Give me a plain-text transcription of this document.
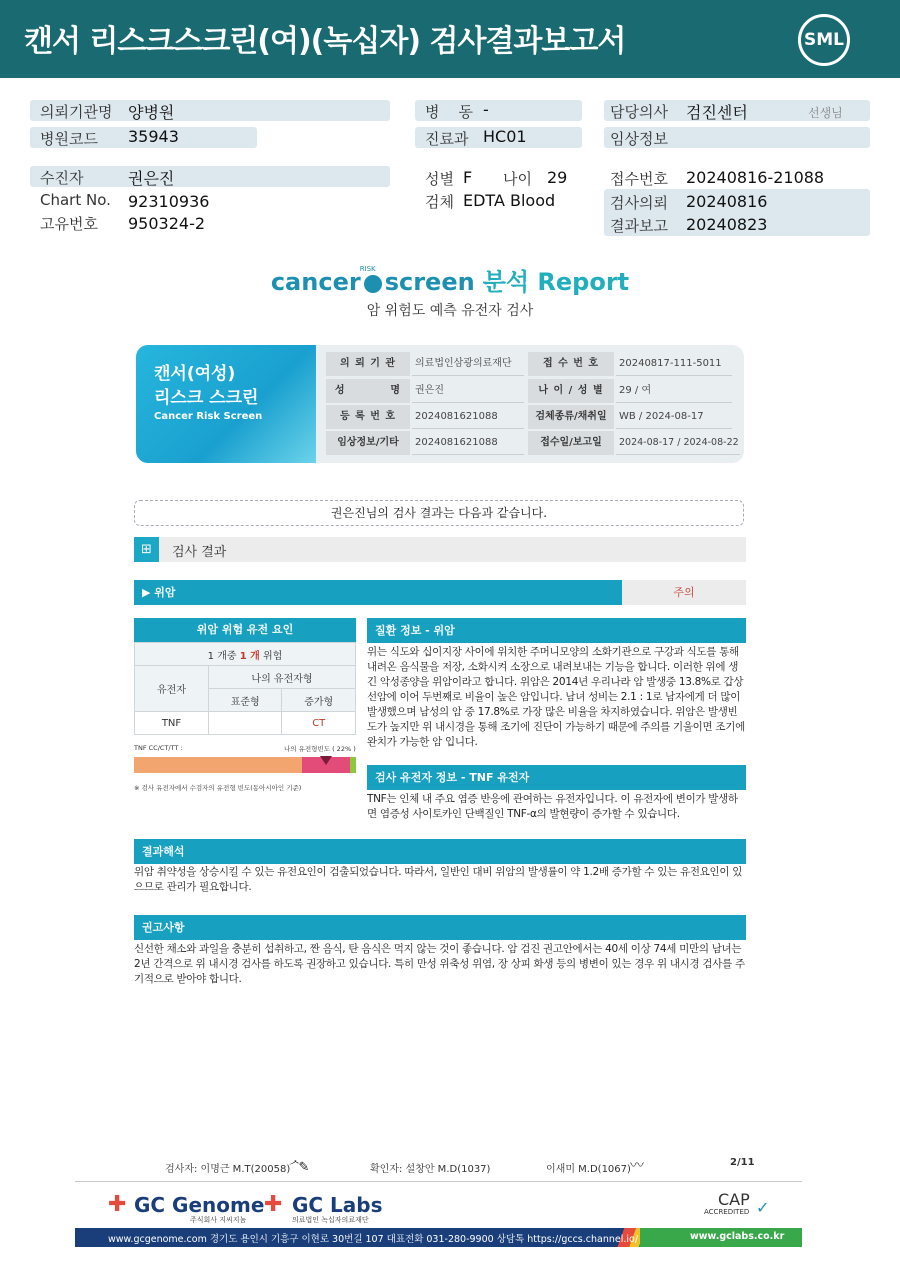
캔서 리스크스크린(여)(녹십자) 검사결과보고서	SML
의뢰기관명 양병원
병원코드 35943
수진자	권은진
Chart No. 92310936
고유번호 950324-2
병    동 -
진료과 HC01
성별 F 나이 29
검체 EDTA Blood
담당의사 검진센터	선생님
임상정보
접수번호 20240816-21088
검사의뢰 20240816
결과보고 20240823
cancer RISK screen 분석 Report
암 위험도 예측 유전자 검사
캔서(여성)
리스크 스크린
Cancer Risk Screen
의 뢰 기 관	의료법인삼광의료재단	접 수 번 호	20240817-111-5011
성          명	권은진	나 이 / 성 별	29 / 여
등 록 번 호	2024081621088	검체종류/채취일	WB / 2024-08-17
임상정보/기타	2024081621088	접수일/보고일	2024-08-17 / 2024-08-22
권은진님의 검사 결과는 다음과 같습니다.
⊞	검사 결과
▶ 위암	주의
위암 위험 유전 요인
1 개중 1 개 위험		
유전자	나의 유전자형	
	표준형	증가형
TNF		CT
TNF CC/CT/TT :	나의 유전형빈도 ( 22% )
※ 검사 유전자에서 수검자의 유전형 빈도(동아시아인 기준)
질환 정보 - 위암
위는 식도와 십이지장 사이에 위치한 주머니모양의 소화기관으로 구강과 식도를 통해 내려온 음식물을 저장, 소화시켜 소장으로 내려보내는 기능을 합니다. 이러한 위에 생긴 악성종양을 위암이라고 합니다. 위암은 2014년 우리나라 암 발생중 13.8%로 갑상선암에 이어 두번째로 비율이 높은 암입니다. 남녀 성비는 2.1 : 1로 남자에게 더 많이 발생했으며 남성의 암 중 17.8%로 가장 많은 비율을 차지하였습니다. 위암은 발생빈도가 높지만 위 내시경을 통해 조기에 진단이 가능하기 때문에 주의를 기울이면 조기에 완치가 가능한 암 입니다.
검사 유전자 정보 - TNF 유전자
TNF는 인체 내 주요 염증 반응에 관여하는 유전자입니다. 이 유전자에 변이가 발생하면 염증성 사이토카인 단백질인 TNF-α의 발현량이 증가할 수 있습니다.
결과해석
위암 취약성을 상승시킬 수 있는 유전요인이 검출되었습니다. 따라서, 일반인 대비 위암의 발생률이 약 1.2배 증가할 수 있는 유전요인이 있으므로 관리가 필요합니다.
권고사항
신선한 채소와 과일을 충분히 섭취하고, 짠 음식, 탄 음식은 먹지 않는 것이 좋습니다. 암 검진 권고안에서는 40세 이상 74세 미만의 남녀는 2년 간격으로 위 내시경 검사를 하도록 권장하고 있습니다. 특히 만성 위축성 위염, 장 상피 화생 등의 병변이 있는 경우 위 내시경 검사를 주기적으로 받아야 합니다.
검사자: 이명근 M.T(20058)
ᄼ✎	확인자: 설창안 M.D(1037)	이새미 M.D(1067) 〰	2/11
✚ GC Genome
주식회사 지씨지놈
✚ GC Labs
의료법인 녹십자의료재단
CAP
ACCREDITED ✓
www.gcgenome.com 경기도 용인시 기흥구 이현로 30번길 107 대표전화 031-280-9900 상담톡 https://gccs.channel.io/	www.gclabs.co.kr
